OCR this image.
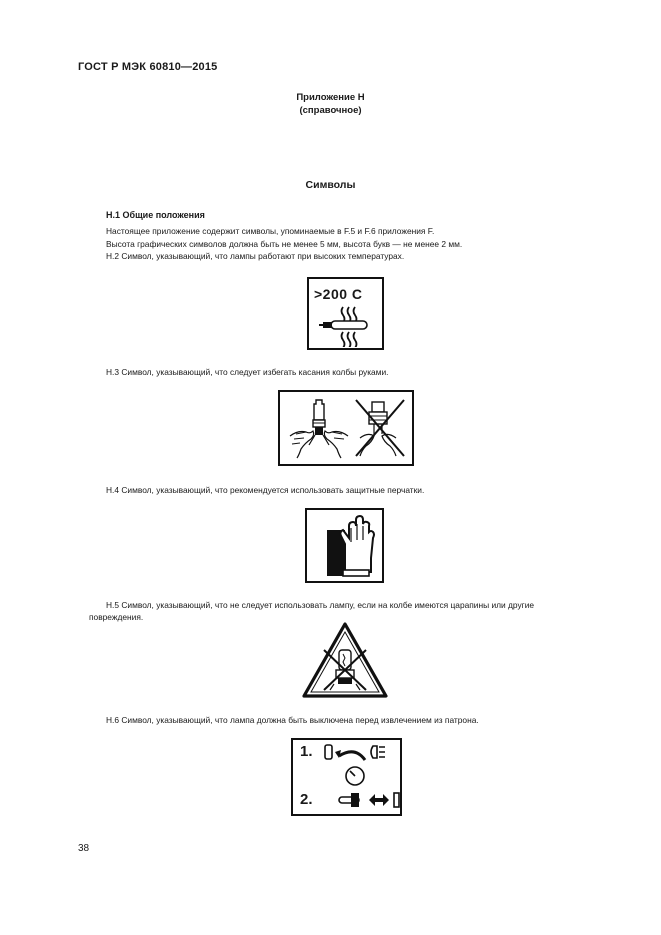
ГОСТ Р МЭК 60810—2015
Приложение Н
(справочное)
Символы
Н.1 Общие положения
Настоящее приложение содержит символы, упоминаемые в F.5 и F.6 приложения F.
Высота графических символов должна быть не менее 5 мм, высота букв — не менее 2 мм.
Н.2 Символ, указывающий, что лампы работают при высоких температурах.
>200 C
Н.3 Символ, указывающий, что следует избегать касания колбы руками.
Н.4 Символ, указывающий, что рекомендуется использовать защитные перчатки.
Н.5 Символ, указывающий, что не следует использовать лампу, если на колбе имеются царапины или другие
повреждения.
Н.6 Символ, указывающий, что лампа должна быть выключена перед извлечением из патрона.
1.
2.
38
